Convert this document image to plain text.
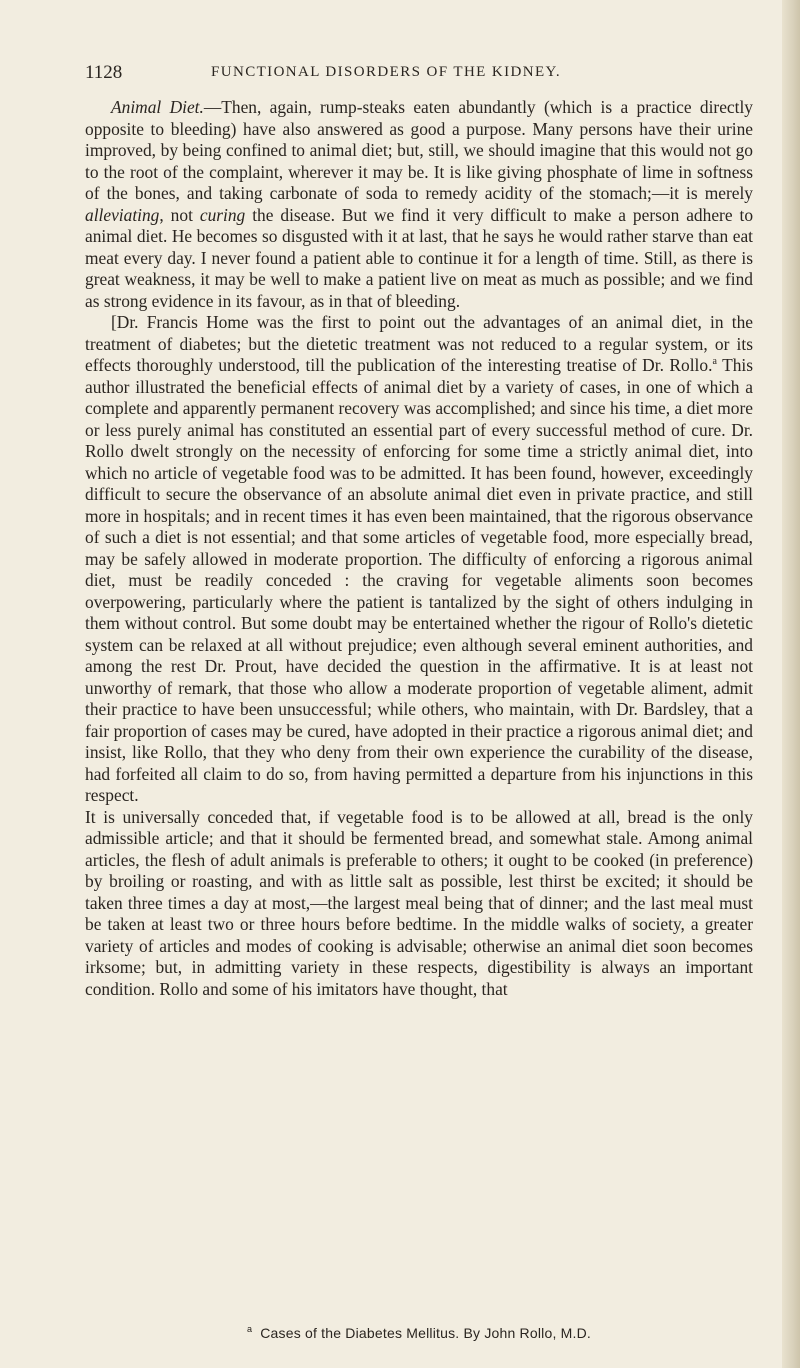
1128	FUNCTIONAL DISORDERS OF THE KIDNEY.

Animal Diet.—Then, again, rump-steaks eaten abundantly (which is a practice directly opposite to bleeding) have also answered as good a purpose. Many persons have their urine improved, by being confined to animal diet; but, still, we should imagine that this would not go to the root of the complaint, wherever it may be. It is like giving phosphate of lime in softness of the bones, and taking carbonate of soda to remedy acidity of the stomach;—it is merely alleviating, not curing the disease. But we find it very difficult to make a person adhere to animal diet. He becomes so disgusted with it at last, that he says he would rather starve than eat meat every day. I never found a patient able to continue it for a length of time. Still, as there is great weakness, it may be well to make a patient live on meat as much as possible; and we find as strong evidence in its favour, as in that of bleeding.

[Dr. Francis Home was the first to point out the advantages of an animal diet, in the treatment of diabetes; but the dietetic treatment was not reduced to a regular system, or its effects thoroughly understood, till the publication of the interesting treatise of Dr. Rollo.$^a$ This author illustrated the beneficial effects of animal diet by a variety of cases, in one of which a complete and apparently permanent recovery was accomplished; and since his time, a diet more or less purely animal has constituted an essential part of every successful method of cure. Dr. Rollo dwelt strongly on the necessity of enforcing for some time a strictly animal diet, into which no article of vegetable food was to be admitted. It has been found, however, exceedingly difficult to secure the observance of an absolute animal diet even in private practice, and still more in hospitals; and in recent times it has even been maintained, that the rigorous observance of such a diet is not essential; and that some articles of vegetable food, more especially bread, may be safely allowed in moderate proportion. The difficulty of enforcing a rigorous animal diet, must be readily conceded : the craving for vegetable aliments soon becomes overpowering, particularly where the patient is tantalized by the sight of others indulging in them without control. But some doubt may be entertained whether the rigour of Rollo's dietetic system can be relaxed at all without prejudice; even although several eminent authorities, and among the rest Dr. Prout, have decided the question in the affirmative. It is at least not unworthy of remark, that those who allow a moderate proportion of vegetable aliment, admit their practice to have been unsuccessful; while others, who maintain, with Dr. Bardsley, that a fair proportion of cases may be cured, have adopted in their practice a rigorous animal diet; and insist, like Rollo, that they who deny from their own experience the curability of the disease, had forfeited all claim to do so, from having permitted a departure from his injunctions in this respect.

It is universally conceded that, if vegetable food is to be allowed at all, bread is the only admissible article; and that it should be fermented bread, and somewhat stale. Among animal articles, the flesh of adult animals is preferable to others; it ought to be cooked (in preference) by broiling or roasting, and with as little salt as possible, lest thirst be excited; it should be taken three times a day at most,—the largest meal being that of dinner; and the last meal must be taken at least two or three hours before bedtime. In the middle walks of society, a greater variety of articles and modes of cooking is advisable; otherwise an animal diet soon becomes irksome; but, in admitting variety in these respects, digestibility is always an important condition. Rollo and some of his imitators have thought, that

$^a$ Cases of the Diabetes Mellitus. By John Rollo, M.D.
